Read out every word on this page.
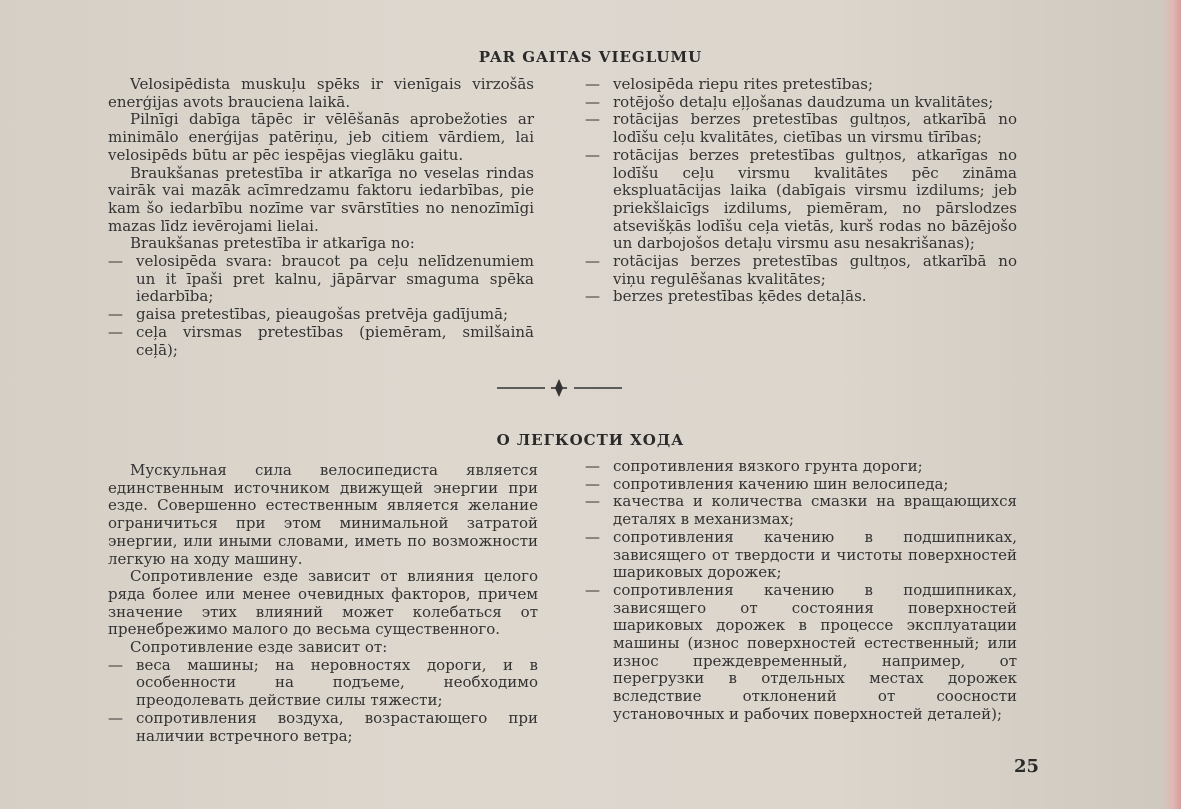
PAR GAITAS VIEGLUMU

Velosipēdista muskuļu spēks ir vienīgais virzošās enerģijas avots brauciena laikā.

Pilnīgi dabīga tāpēc ir vēlēšanās aprobežoties ar minimālo enerģijas patēriņu, jeb citiem vārdiem, lai velosipēds būtu ar pēc iespējas vieglāku gaitu.

Braukšanas pretestība ir atkarīga no veselas rindas vairāk vai mazāk acīmredzamu faktoru iedarbības, pie kam šo iedarbību nozīme var svārstīties no nenozīmīgi mazas līdz ievērojami lielai.

Braukšanas pretestība ir atkarīga no:

— velosipēda svara: braucot pa ceļu nelīdzenumiem un it īpaši pret kalnu, jāpārvar smaguma spēka iedarbība;

— gaisa pretestības, pieaugošas pretvēja gadījumā;

— ceļa virsmas pretestības (piemēram, smilšainā ceļā);

— velosipēda riepu rites pretestības;

— rotējošo detaļu eļļošanas daudzuma un kvalitātes;

— rotācijas berzes pretestības gultņos, atkarībā no lodīšu ceļu kvalitātes, cietības un virsmu tīrības;

— rotācijas berzes pretestības gultņos, atkarīgas no lodīšu ceļu virsmu kvalitātes pēc zināma ekspluatācijas laika (dabīgais virsmu izdilums; jeb priekšlaicīgs izdilums, piemēram, no pārslodzes atsevišķās lodīšu ceļa vietās, kurš rodas no bāzējošo un darbojošos detaļu virsmu asu nesakrišanas);

— rotācijas berzes pretestības gultņos, atkarībā no viņu regulēšanas kvalitātes;

— berzes pretestības ķēdes detaļās.

О ЛЕГКОСТИ ХОДА

Мускульная сила велосипедиста является единственным источником движущей энергии при езде. Совершенно естественным является желание ограничиться при этом минимальной затратой энергии, или иными словами, иметь по возможности легкую на ходу машину.

Сопротивление езде зависит от влияния целого ряда более или менее очевидных факторов, причем значение этих влияний может колебаться от пренебрежимо малого до весьма существенного.

Сопротивление езде зависит от:

— веса машины; на неровностях дороги, и в особенности на подъеме, необходимо преодолевать действие силы тяжести;

— сопротивления воздуха, возрастающего при наличии встречного ветра;

— сопротивления вязкого грунта дороги;

— сопротивления качению шин велосипеда;

— качества и количества смазки на вращающихся деталях в механизмах;

— сопротивления качению в подшипниках, зависящего от твердости и чистоты поверхностей шариковых дорожек;

— сопротивления качению в подшипниках, зависящего от состояния поверхностей шариковых дорожек в процессе эксплуатации машины (износ поверхностей естественный; или износ преждевременный, например, от перегрузки в отдельных местах дорожек вследствие отклонений от соосности установочных и рабочих поверхностей деталей);

25
